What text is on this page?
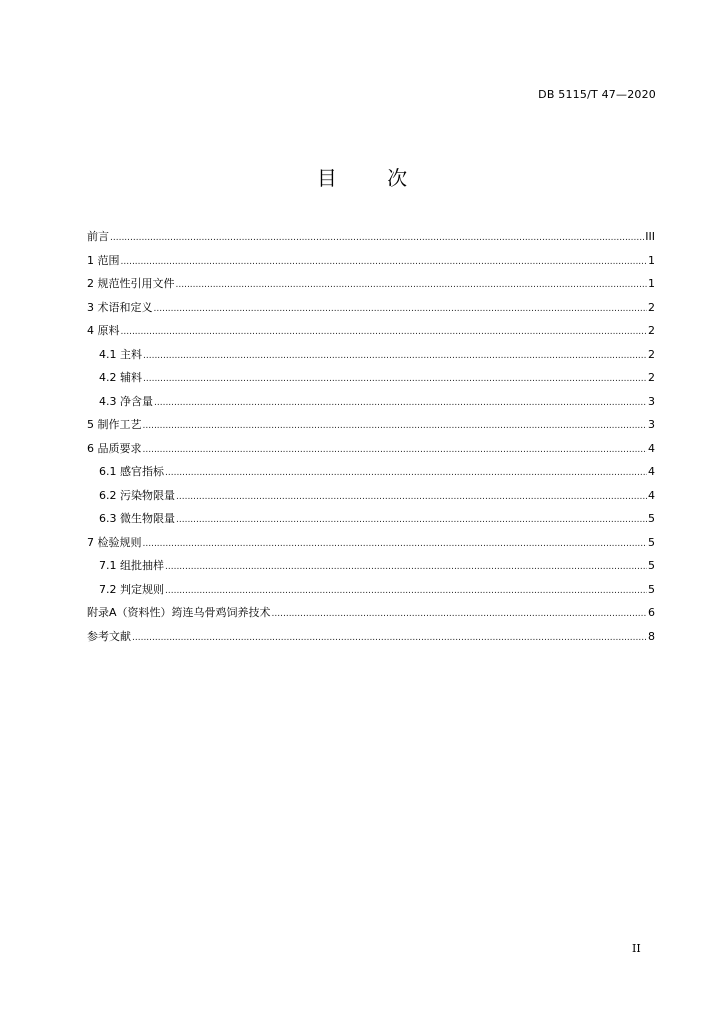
DB 5115/T 47—2020
目 次
前言 .....	III
1 范围 .....	1
2 规范性引用文件 .....	1
3 术语和定义 .....	2
4 原料 .....	2
4.1 主料 .....	2
4.2 辅料 .....	2
4.3 净含量 .....	3
5 制作工艺 .....	3
6 品质要求 .....	4
6.1 感官指标 .....	4
6.2 污染物限量 .....	4
6.3 微生物限量 .....	5
7 检验规则 .....	5
7.1 组批抽样 .....	5
7.2 判定规则 .....	5
附录A（资料性）筠连乌骨鸡饲养技术 .....	6
参考文献 .....	8
II
